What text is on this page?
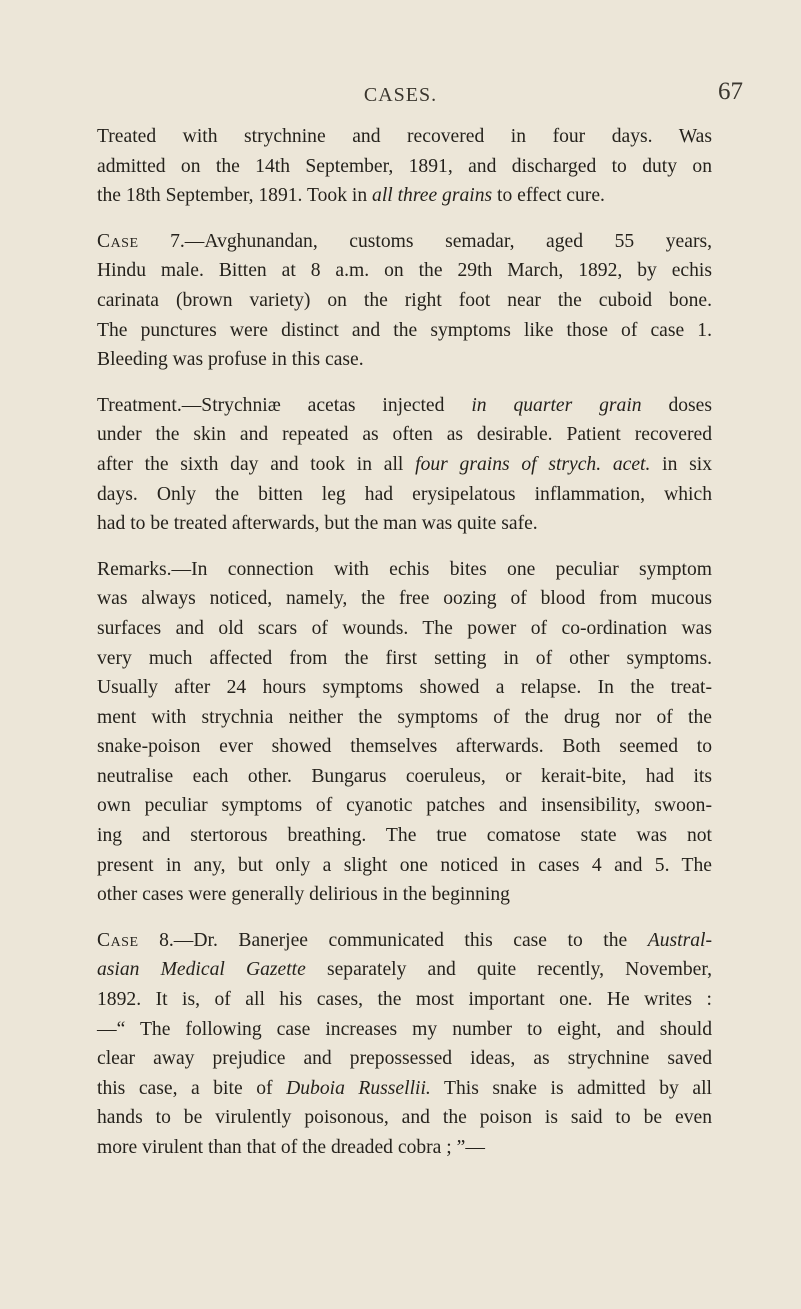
CASES.	67
Treated with strychnine and recovered in four days. Was
admitted on the 14th September, 1891, and discharged to duty on
the 18th September, 1891. Took in all three grains to effect cure.
Case 7.—Avghunandan, customs semadar, aged 55 years,
Hindu male. Bitten at 8 a.m. on the 29th March, 1892, by echis
carinata (brown variety) on the right foot near the cuboid bone.
The punctures were distinct and the symptoms like those of case 1.
Bleeding was profuse in this case.
Treatment.—Strychniæ acetas injected in quarter grain doses
under the skin and repeated as often as desirable. Patient recovered
after the sixth day and took in all four grains of strych. acet. in six
days. Only the bitten leg had erysipelatous inflammation, which
had to be treated afterwards, but the man was quite safe.
Remarks.—In connection with echis bites one peculiar symptom
was always noticed, namely, the free oozing of blood from mucous
surfaces and old scars of wounds. The power of co-ordination was
very much affected from the first setting in of other symptoms.
Usually after 24 hours symptoms showed a relapse. In the treat-
ment with strychnia neither the symptoms of the drug nor of the
snake-poison ever showed themselves afterwards. Both seemed to
neutralise each other. Bungarus coeruleus, or kerait-bite, had its
own peculiar symptoms of cyanotic patches and insensibility, swoon-
ing and stertorous breathing. The true comatose state was not
present in any, but only a slight one noticed in cases 4 and 5. The
other cases were generally delirious in the beginning
Case 8.—Dr. Banerjee communicated this case to the Austral-
asian Medical Gazette separately and quite recently, November,
1892. It is, of all his cases, the most important one. He writes :
—“ The following case increases my number to eight, and should
clear away prejudice and prepossessed ideas, as strychnine saved
this case, a bite of Duboia Russellii. This snake is admitted by all
hands to be virulently poisonous, and the poison is said to be even
more virulent than that of the dreaded cobra ; ”—
